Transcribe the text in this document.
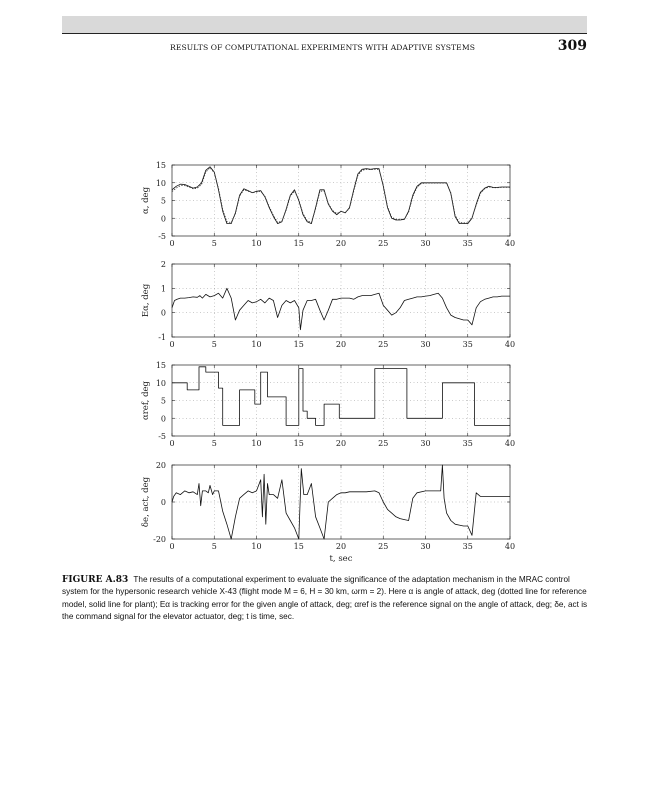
RESULTS OF COMPUTATIONAL EXPERIMENTS WITH ADAPTIVE SYSTEMS	309
0	5	10	15	20	25	30	35	40
-5
0
5
10
15
α, deg
0	5	10	15	20	25	30	35	40
-1
0
1
2
Eα, deg
0	5	10	15	20	25	30	35	40
-5
0
5
10
15
αref, deg
0	5	10	15	20	25	30	35	40
-20
0
20
δe, act, deg
t, sec
FIGURE A.83 The results of a computational experiment to evaluate the significance of the adaptation mechanism in the MRAC control system for the hypersonic research vehicle X-43 (flight mode M = 6, H = 30 km, ωrm = 2). Here α is angle of attack, deg (dotted line for reference model, solid line for plant); Eα is tracking error for the given angle of attack, deg; αref is the reference signal on the angle of attack, deg; δe, act is the command signal for the elevator actuator, deg; t is time, sec.
